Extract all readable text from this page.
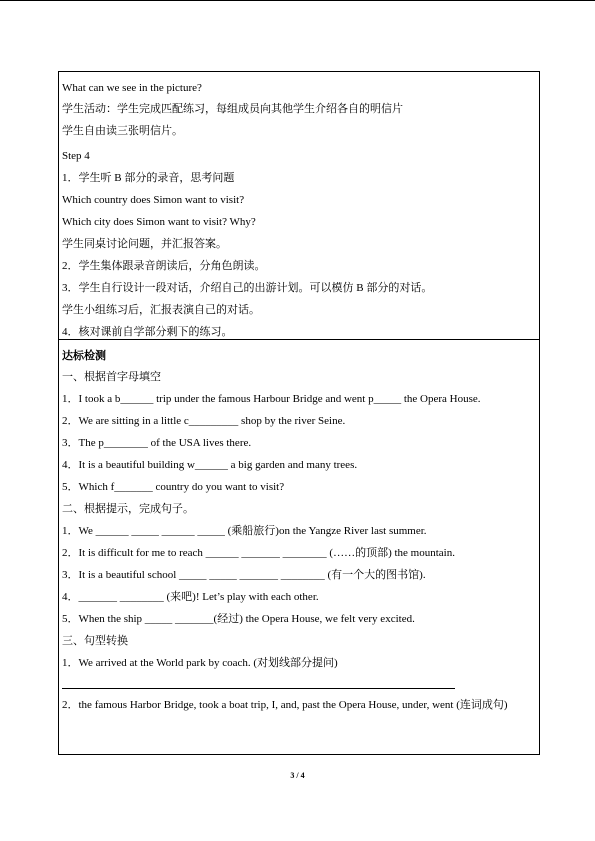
What can we see in the picture?
学生活动：学生完成匹配练习，每组成员向其他学生介绍各自的明信片
学生自由读三张明信片。
Step 4
1．学生听 B 部分的录音，思考问题
Which country does Simon want to visit?
Which city does Simon want to visit? Why?
学生同桌讨论问题，并汇报答案。
2．学生集体跟录音朗读后，分角色朗读。
3．学生自行设计一段对话，介绍自己的出游计划。可以模仿 B 部分的对话。
学生小组练习后，汇报表演自己的对话。
4．核对课前自学部分剩下的练习。
达标检测
一、根据首字母填空
1．I took a b______ trip under the famous Harbour Bridge and went p_____ the Opera House.
2．We are sitting in a little c_________ shop by the river Seine.
3．The p________ of the USA lives there.
4．It is a beautiful building w______ a big garden and many trees.
5．Which f_______ country do you want to visit?
二、根据提示，完成句子。
1．We ______ _____ ______ _____ (乘船旅行)on the Yangze River last summer.
2．It is difficult for me to reach ______ _______ ________ (……的顶部) the mountain.
3．It is a beautiful school _____ _____ _______ ________ (有一个大的图书馆).
4．_______ ________ (来吧)! Let’s play with each other.
5．When the ship _____ _______(经过) the Opera House, we felt very excited.
三、句型转换
1．We arrived at the World park by coach. (对划线部分提问)
2．the famous Harbor Bridge, took a boat trip, I, and, past the Opera House, under, went (连词成句)
3 / 4
